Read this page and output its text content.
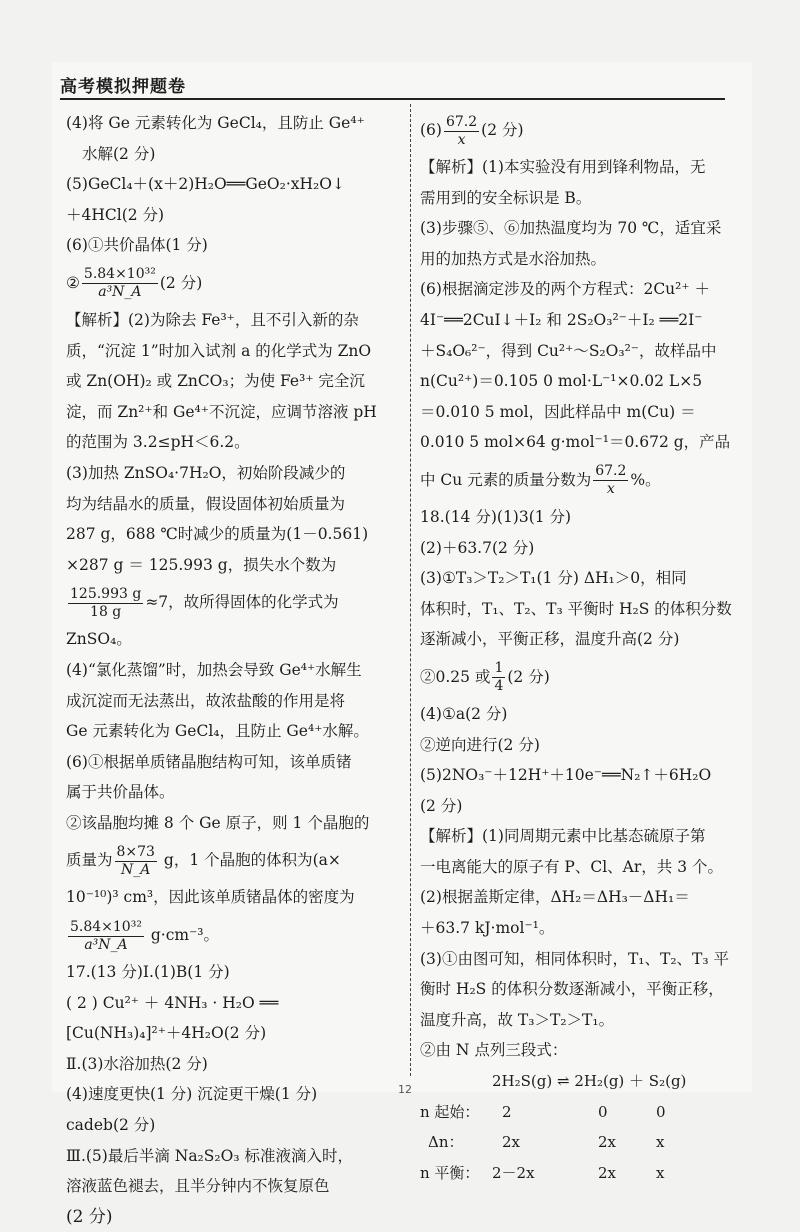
高考模拟押题卷
(4)将 Ge 元素转化为 GeCl₄，且防止 Ge⁴⁺
水解(2 分)
(5)GeCl₄＋(x＋2)H₂O══GeO₂·xH₂O↓
＋4HCl(2 分)
(6)①共价晶体(1 分)
② $\frac{\text{5.84×10³²}}{\text{a³N\_A}} (2$ 分)
【解析】(2)为除去 Fe³⁺，且不引入新的杂
质，“沉淀 1”时加入试剂 a 的化学式为 ZnO
或 Zn(OH)₂ 或 ZnCO₃；为使 Fe³⁺ 完全沉
淀，而 Zn²⁺和 Ge⁴⁺不沉淀，应调节溶液 pH
的范围为 3.2≤pH＜6.2。
(3)加热 ZnSO₄·7H₂O，初始阶段减少的
均为结晶水的质量，假设固体初始质量为
287 g，688 ℃时减少的质量为(1－0.561)
×287 g ＝ 125.993 g，损失水个数为
$\frac{125.993 g}{18 g} \approx 7$，故所得固体的化学式为
ZnSO₄。
(4)“氯化蒸馏”时，加热会导致 Ge⁴⁺水解生
成沉淀而无法蒸出，故浓盐酸的作用是将
Ge 元素转化为 GeCl₄，且防止 Ge⁴⁺水解。
(6)①根据单质锗晶胞结构可知，该单质锗
属于共价晶体。
②该晶胞均摊 8 个 Ge 原子，则 1 个晶胞的
质量为 $\frac{8\times 73}{N\_A}$ g，1 个晶胞的体积为(a×
10⁻¹⁰)³ cm³，因此该单质锗晶体的密度为
$\frac{\text{5.84×10³²}}{\text{a³N\_A}} g\cdot cm^{-3}$。
17.(13 分)Ⅰ.(1)B(1 分)
( 2 ) Cu²⁺ ＋ 4NH₃ · H₂O ══
[Cu(NH₃)₄]²⁺＋4H₂O(2 分)
Ⅱ.(3)水浴加热(2 分)
(4)速度更快(1 分) 沉淀更干燥(1 分)
cadeb(2 分)
Ⅲ.(5)最后半滴 Na₂S₂O₃ 标准液滴入时，
溶液蓝色褪去，且半分钟内不恢复原色
(2 分)
$(6) \frac{67.2}{x} (2$ 分)
【解析】(1)本实验没有用到锋利物品，无
需用到的安全标识是 B。
(3)步骤⑤、⑥加热温度均为 70 ℃，适宜采
用的加热方式是水浴加热。
(6)根据滴定涉及的两个方程式：2Cu²⁺ ＋
4I⁻══2CuI↓＋I₂ 和 2S₂O₃²⁻＋I₂ ══2I⁻
＋S₄O₆²⁻，得到 Cu²⁺～S₂O₃²⁻，故样品中
n(Cu²⁺)＝0.105 0 mol·L⁻¹×0.02 L×5
＝0.010 5 mol，因此样品中 m(Cu) ＝
0.010 5 mol×64 g·mol⁻¹＝0.672 g，产品
中 Cu 元素的质量分数为 $\frac{67.2}{x}$ %。
18.(14 分)(1)3(1 分)
(2)＋63.7(2 分)
(3)①T₃＞T₂＞T₁(1 分) ΔH₁＞0，相同
体积时，T₁、T₂、T₃ 平衡时 H₂S 的体积分数
逐渐减小，平衡正移，温度升高(2 分)
②0.25 或 $\frac{1}{4} (2$ 分)
(4)①a(2 分)
②逆向进行(2 分)
(5)2NO₃⁻＋12H⁺＋10e⁻══N₂↑＋6H₂O
(2 分)
【解析】(1)同周期元素中比基态硫原子第
一电离能大的原子有 P、Cl、Ar，共 3 个。
(2)根据盖斯定律，ΔH₂＝ΔH₃－ΔH₁＝
＋63.7 kJ·mol⁻¹。
(3)①由图可知，相同体积时，T₁、T₂、T₃ 平
衡时 H₂S 的体积分数逐渐减小，平衡正移，
温度升高，故 T₃＞T₂＞T₁。
②由 N 点列三段式：
2H₂S(g) ⇌ 2H₂(g) ＋ S₂(g)
n 起始： 2	0	0
Δn：	2x	2x	x
n 平衡： 2－2x	2x	x
12
